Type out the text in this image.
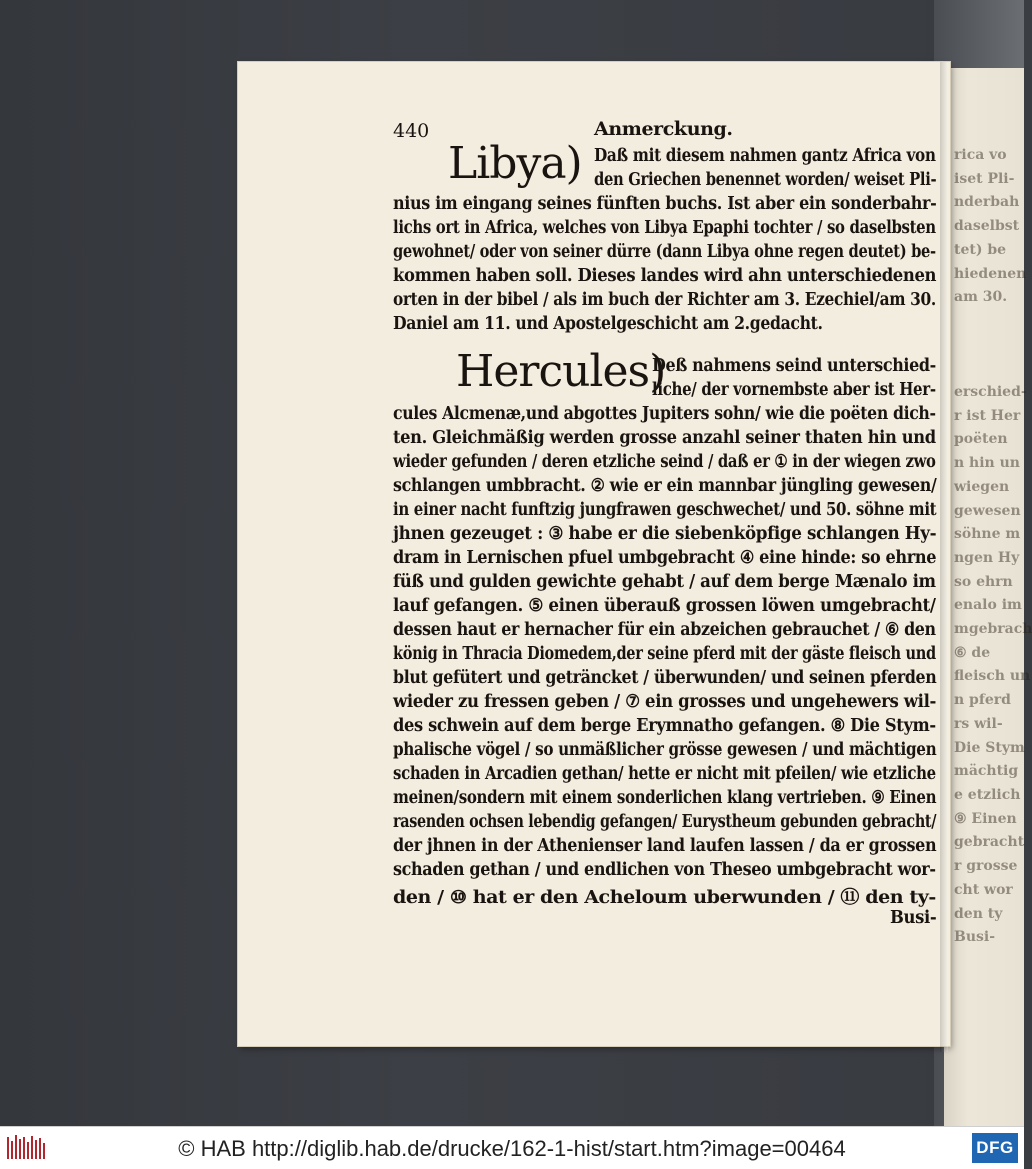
rica vo
iset Pli-
nderbah
daselbst
tet) be
hiedenen
am 30.

erschied-
r ist Her
poëten
n hin un
wiegen
gewesen
söhne m
ngen Hy
so ehrn
enalo im
mgebrach
⑥ de
fleisch un
n pferd
rs wil-
Die Stym
mächtig
e etzlich
⑨ Einen
gebracht
r grosse
cht wor
den ty
Busi-
440	Anmerckung.
Libya)
Hercules)
Daß mit diesem nahmen gantz Africa von
den Griechen benennet worden/ weiset Pli-
nius im eingang seines fünften buchs. Ist aber ein sonderbahr-
lichs ort in Africa, welches von Libya Epaphi tochter / so daselbsten
gewohnet/ oder von seiner dürre (dann Libya ohne regen deutet) be-
kommen haben soll. Dieses landes wird ahn unterschiedenen
orten in der bibel / als im buch der Richter am 3. Ezechiel/am 30.
Daniel am 11. und Apostelgeschicht am 2.gedacht.
Deß nahmens seind unterschied-
liche/ der vornembste aber ist Her-
cules Alcmenæ,und abgottes Jupiters sohn/ wie die poëten dich-
ten. Gleichmäßig werden grosse anzahl seiner thaten hin und
wieder gefunden / deren etzliche seind / daß er ① in der wiegen zwo
schlangen umbbracht. ② wie er ein mannbar jüngling gewesen/
in einer nacht funftzig jungfrawen geschwechet/ und 50. söhne mit
jhnen gezeuget : ③ habe er die siebenköpfige schlangen Hy-
dram in Lernischen pfuel umbgebracht ④ eine hinde: so ehrne
füß und gulden gewichte gehabt / auf dem berge Mænalo im
lauf gefangen. ⑤ einen überauß grossen löwen umgebracht/
dessen haut er hernacher für ein abzeichen gebrauchet / ⑥ den
könig in Thracia Diomedem,der seine pferd mit der gäste fleisch und
blut gefütert und geträncket / überwunden/ und seinen pferden
wieder zu fressen geben / ⑦ ein grosses und ungehewers wil-
des schwein auf dem berge Erymnatho gefangen. ⑧ Die Stym-
phalische vögel / so unmäßlicher grösse gewesen / und mächtigen
schaden in Arcadien gethan/ hette er nicht mit pfeilen/ wie etzliche
meinen/sondern mit einem sonderlichen klang vertrieben. ⑨ Einen
rasenden ochsen lebendig gefangen/ Eurystheum gebunden gebracht/
der jhnen in der Athenienser land laufen lassen / da er grossen
schaden gethan / und endlichen von Theseo umbgebracht wor-
den / ⑩ hat er den Acheloum uberwunden / ⑪ den ty-
Busi-
© HAB http://diglib.hab.de/drucke/162-1-hist/start.htm?image=00464	DFG
